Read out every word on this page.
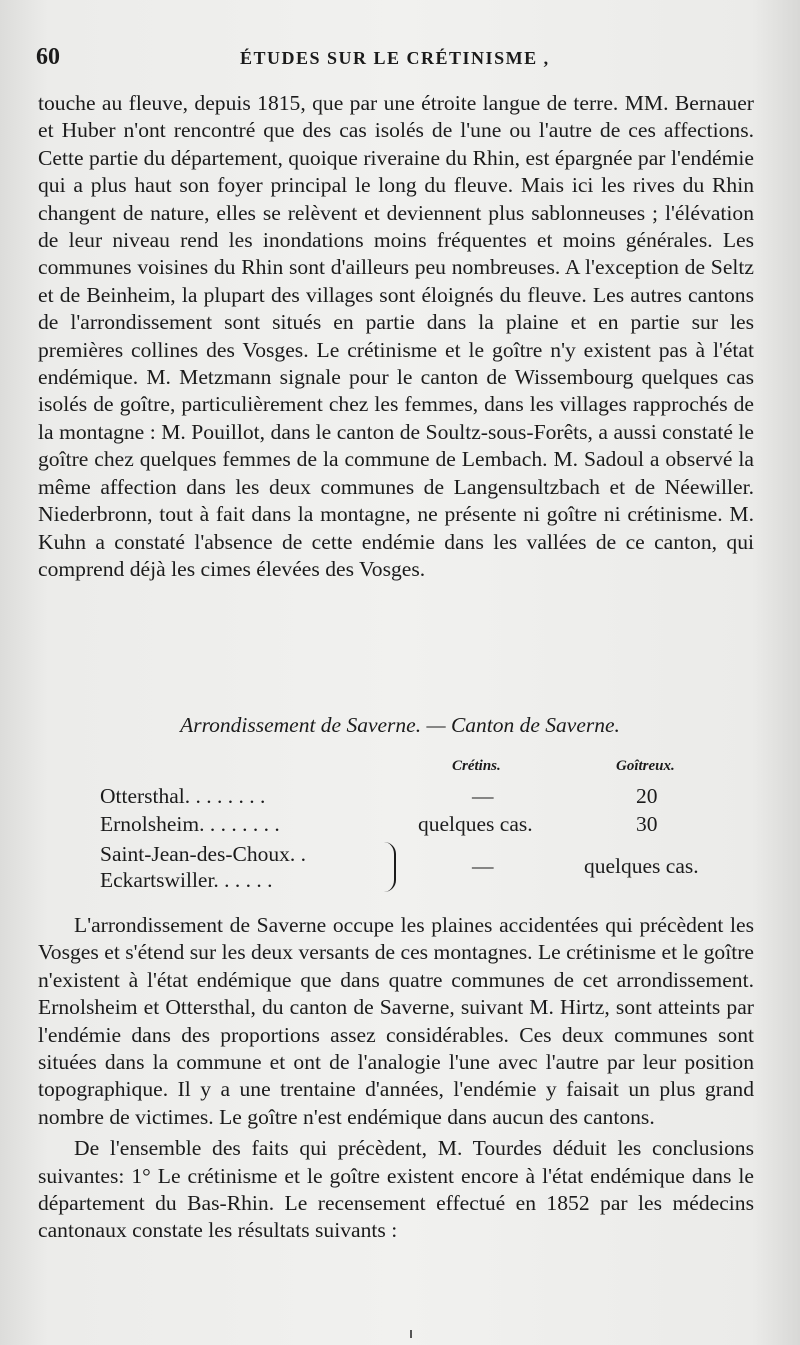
60	ÉTUDES SUR LE CRÉTINISME ,

touche au fleuve, depuis 1815, que par une étroite langue de terre. MM. Bernauer et Huber n'ont rencontré que des cas isolés de l'une ou l'autre de ces affections. Cette partie du département, quoique riveraine du Rhin, est épargnée par l'endémie qui a plus haut son foyer principal le long du fleuve. Mais ici les rives du Rhin changent de nature, elles se relèvent et deviennent plus sablonneuses ; l'élévation de leur niveau rend les inondations moins fréquentes et moins générales. Les communes voisines du Rhin sont d'ailleurs peu nombreuses. A l'exception de Seltz et de Beinheim, la plupart des villages sont éloignés du fleuve. Les autres cantons de l'arrondissement sont situés en partie dans la plaine et en partie sur les premières collines des Vosges. Le crétinisme et le goître n'y existent pas à l'état endémique. M. Metzmann signale pour le canton de Wissembourg quelques cas isolés de goître, particulièrement chez les femmes, dans les villages rapprochés de la montagne : M. Pouillot, dans le canton de Soultz-sous-Forêts, a aussi constaté le goître chez quelques femmes de la commune de Lembach. M. Sadoul a observé la même affection dans les deux communes de Langensultzbach et de Néewiller. Niederbronn, tout à fait dans la montagne, ne présente ni goître ni crétinisme. M. Kuhn a constaté l'absence de cette endémie dans les vallées de ce canton, qui comprend déjà les cimes élevées des Vosges.

Arrondissement de Saverne. — Canton de Saverne.
Crétins.	Goîtreux.
Ottersthal. . . . . . . .	—	20
Ernolsheim. . . . . . . .	quelques cas.	30
Saint-Jean-des-Choux. .
Eckartswiller. . . . . .
—	quelques cas.

L'arrondissement de Saverne occupe les plaines accidentées qui précèdent les Vosges et s'étend sur les deux versants de ces montagnes. Le crétinisme et le goître n'existent à l'état endémique que dans quatre communes de cet arrondissement. Ernolsheim et Ottersthal, du canton de Saverne, suivant M. Hirtz, sont atteints par l'endémie dans des proportions assez considérables. Ces deux communes sont situées dans la commune et ont de l'analogie l'une avec l'autre par leur position topographique. Il y a une trentaine d'années, l'endémie y faisait un plus grand nombre de victimes. Le goître n'est endémique dans aucun des cantons.

De l'ensemble des faits qui précèdent, M. Tourdes déduit les conclusions suivantes: 1° Le crétinisme et le goître existent encore à l'état endémique dans le département du Bas-Rhin. Le recensement effectué en 1852 par les médecins cantonaux constate les résultats suivants :
